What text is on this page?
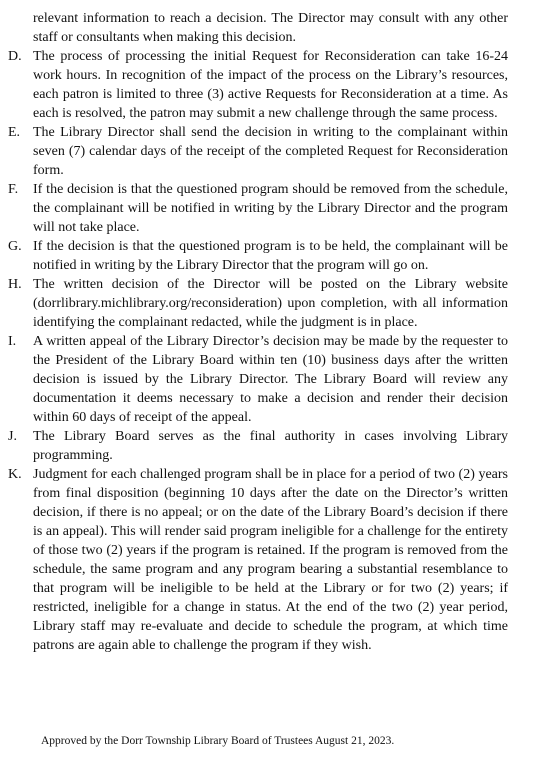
relevant information to reach a decision. The Director may consult with any other staff or consultants when making this decision.
D. The process of processing the initial Request for Reconsideration can take 16-24 work hours. In recognition of the impact of the process on the Library’s resources, each patron is limited to three (3) active Requests for Reconsideration at a time. As each is resolved, the patron may submit a new challenge through the same process.
E. The Library Director shall send the decision in writing to the complainant within seven (7) calendar days of the receipt of the completed Request for Reconsideration form.
F.	If the decision is that the questioned program should be removed from the schedule, the complainant will be notified in writing by the Library Director and the program will not take place.
G. If the decision is that the questioned program is to be held, the complainant will be notified in writing by the Library Director that the program will go on.
H. The written decision of the Director will be posted on the Library website (dorrlibrary.michlibrary.org/reconsideration) upon completion, with all information identifying the complainant redacted, while the judgment is in place.
I.	A written appeal of the Library Director’s decision may be made by the requester to the President of the Library Board within ten (10) business days after the written decision is issued by the Library Director. The Library Board will review any documentation it deems necessary to make a decision and render their decision within 60 days of receipt of the appeal.
J.	The Library Board serves as the final authority in cases involving Library programming.
K. Judgment for each challenged program shall be in place for a period of two (2) years from final disposition (beginning 10 days after the date on the Director’s written decision, if there is no appeal; or on the date of the Library Board’s decision if there is an appeal). This will render said program ineligible for a challenge for the entirety of those two (2) years if the program is retained. If the program is removed from the schedule, the same program and any program bearing a substantial resemblance to that program will be ineligible to be held at the Library or for two (2) years; if restricted, ineligible for a change in status. At the end of the two (2) year period, Library staff may re-evaluate and decide to schedule the program, at which time patrons are again able to challenge the program if they wish.
Approved by the Dorr Township Library Board of Trustees August 21, 2023.
